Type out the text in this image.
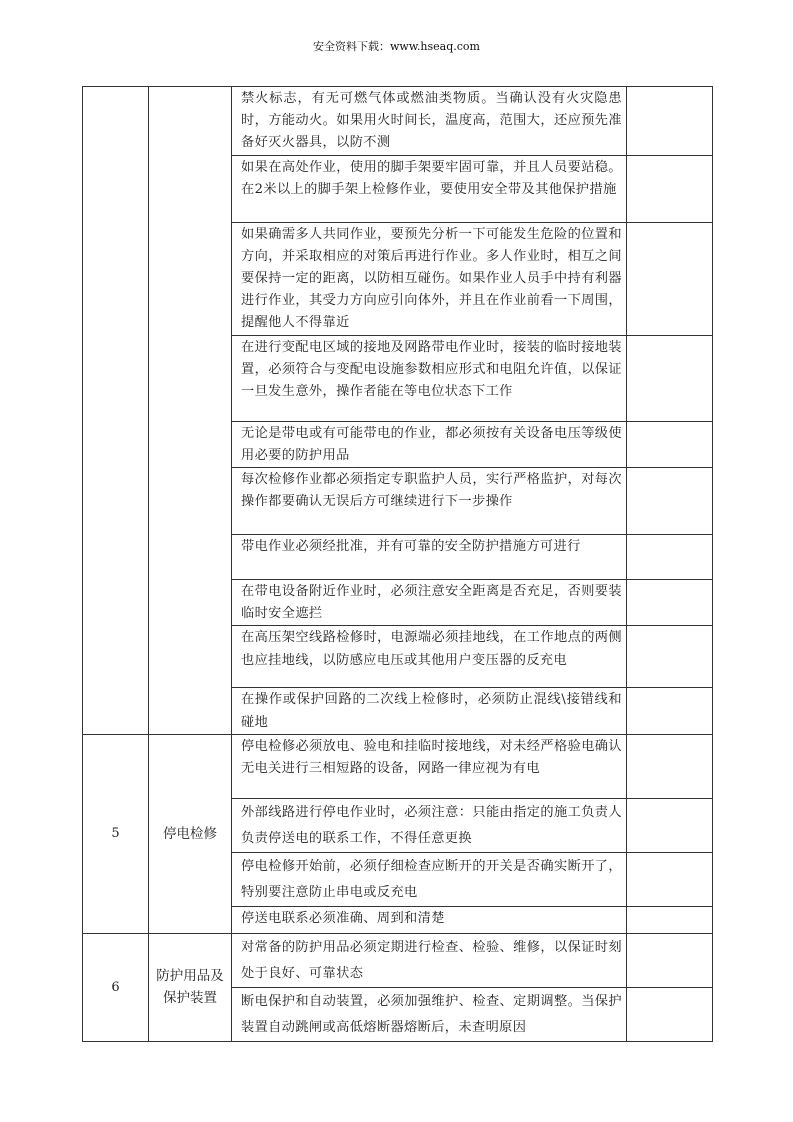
安全资料下载：www.hseaq.com
		禁火标志，有无可燃气体或燃油类物质。当确认没有火灾隐患时，方能动火。如果用火时间长，温度高，范围大，还应预先准备好灭火器具，以防不测	
		如果在高处作业，使用的脚手架要牢固可靠，并且人员要站稳。在2米以上的脚手架上检修作业，要使用安全带及其他保护措施	
		如果确需多人共同作业，要预先分析一下可能发生危险的位置和方向，并采取相应的对策后再进行作业。多人作业时，相互之间要保持一定的距离，以防相互碰伤。如果作业人员手中持有利器进行作业，其受力方向应引向体外，并且在作业前看一下周围，提醒他人不得靠近	
		在进行变配电区域的接地及网路带电作业时，接装的临时接地装置，必须符合与变配电设施参数相应形式和电阻允许值，以保证一旦发生意外，操作者能在等电位状态下工作	
		无论是带电或有可能带电的作业，都必须按有关设备电压等级使用必要的防护用品	
		每次检修作业都必须指定专职监护人员，实行严格监护，对每次操作都要确认无误后方可继续进行下一步操作	
		带电作业必须经批准，并有可靠的安全防护措施方可进行	
		在带电设备附近作业时，必须注意安全距离是否充足，否则要装临时安全遮拦	
		在高压架空线路检修时，电源端必须挂地线，在工作地点的两侧也应挂地线，以防感应电压或其他用户变压器的反充电	
		在操作或保护回路的二次线上检修时，必须防止混线\接错线和碰地	
5	停电检修	停电检修必须放电、验电和挂临时接地线，对未经严格验电确认无电关进行三相短路的设备，网路一律应视为有电	
		外部线路进行停电作业时，必须注意：只能由指定的施工负责人负责停送电的联系工作，不得任意更换	
		停电检修开始前，必须仔细检查应断开的开关是否确实断开了，特别要注意防止串电或反充电	
		停送电联系必须准确、周到和清楚	
6	防护用品及保护装置	对常备的防护用品必须定期进行检查、检验、维修，以保证时刻处于良好、可靠状态	
		断电保护和自动装置，必须加强维护、检查、定期调整。当保护装置自动跳闸或高低熔断器熔断后，未查明原因	
